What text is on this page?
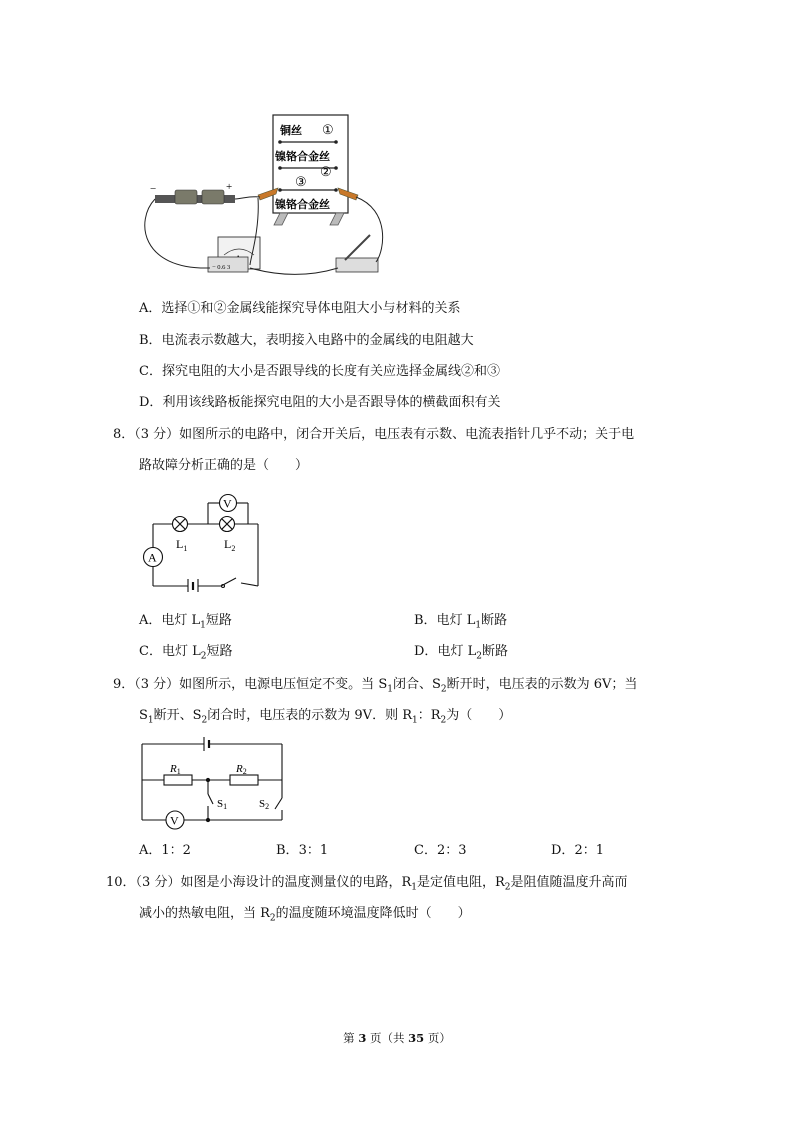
铜丝 ①
镍铬合金丝
②
③
镍铬合金丝
−	+
− 0.6 3
A．选择①和②金属线能探究导体电阻大小与材料的关系
B．电流表示数越大，表明接入电路中的金属线的电阻越大
C．探究电阻的大小是否跟导线的长度有关应选择金属线②和③
D．利用该线路板能探究电阻的大小是否跟导体的横截面积有关
8．（3 分）如图所示的电路中，闭合开关后，电压表有示数、电流表指针几乎不动；关于电
路故障分析正确的是（　　）
V
A
$L_1$	$L_2$
A．电灯 $L_1$短路	B．电灯 $L_1$断路
C．电灯 $L_2$短路	D．电灯 $L_2$断路
9．（3 分）如图所示，电源电压恒定不变。当 $S_1$闭合、$S_2$断开时，电压表的示数为 6V；当
$S_1$断开、$S_2$闭合时，电压表的示数为 9V．则 $R_1$：$R_2$为（　　）
R1	R2
S1	S2
V
A．1：2	B．3：1	C．2：3	D．2：1
10．（3 分）如图是小海设计的温度测量仪的电路，$R_1$是定值电阻，$R_2$是阻值随温度升高而
减小的热敏电阻，当 $R_2$的温度随环境温度降低时（　　）
第 3 页（共 35 页）
